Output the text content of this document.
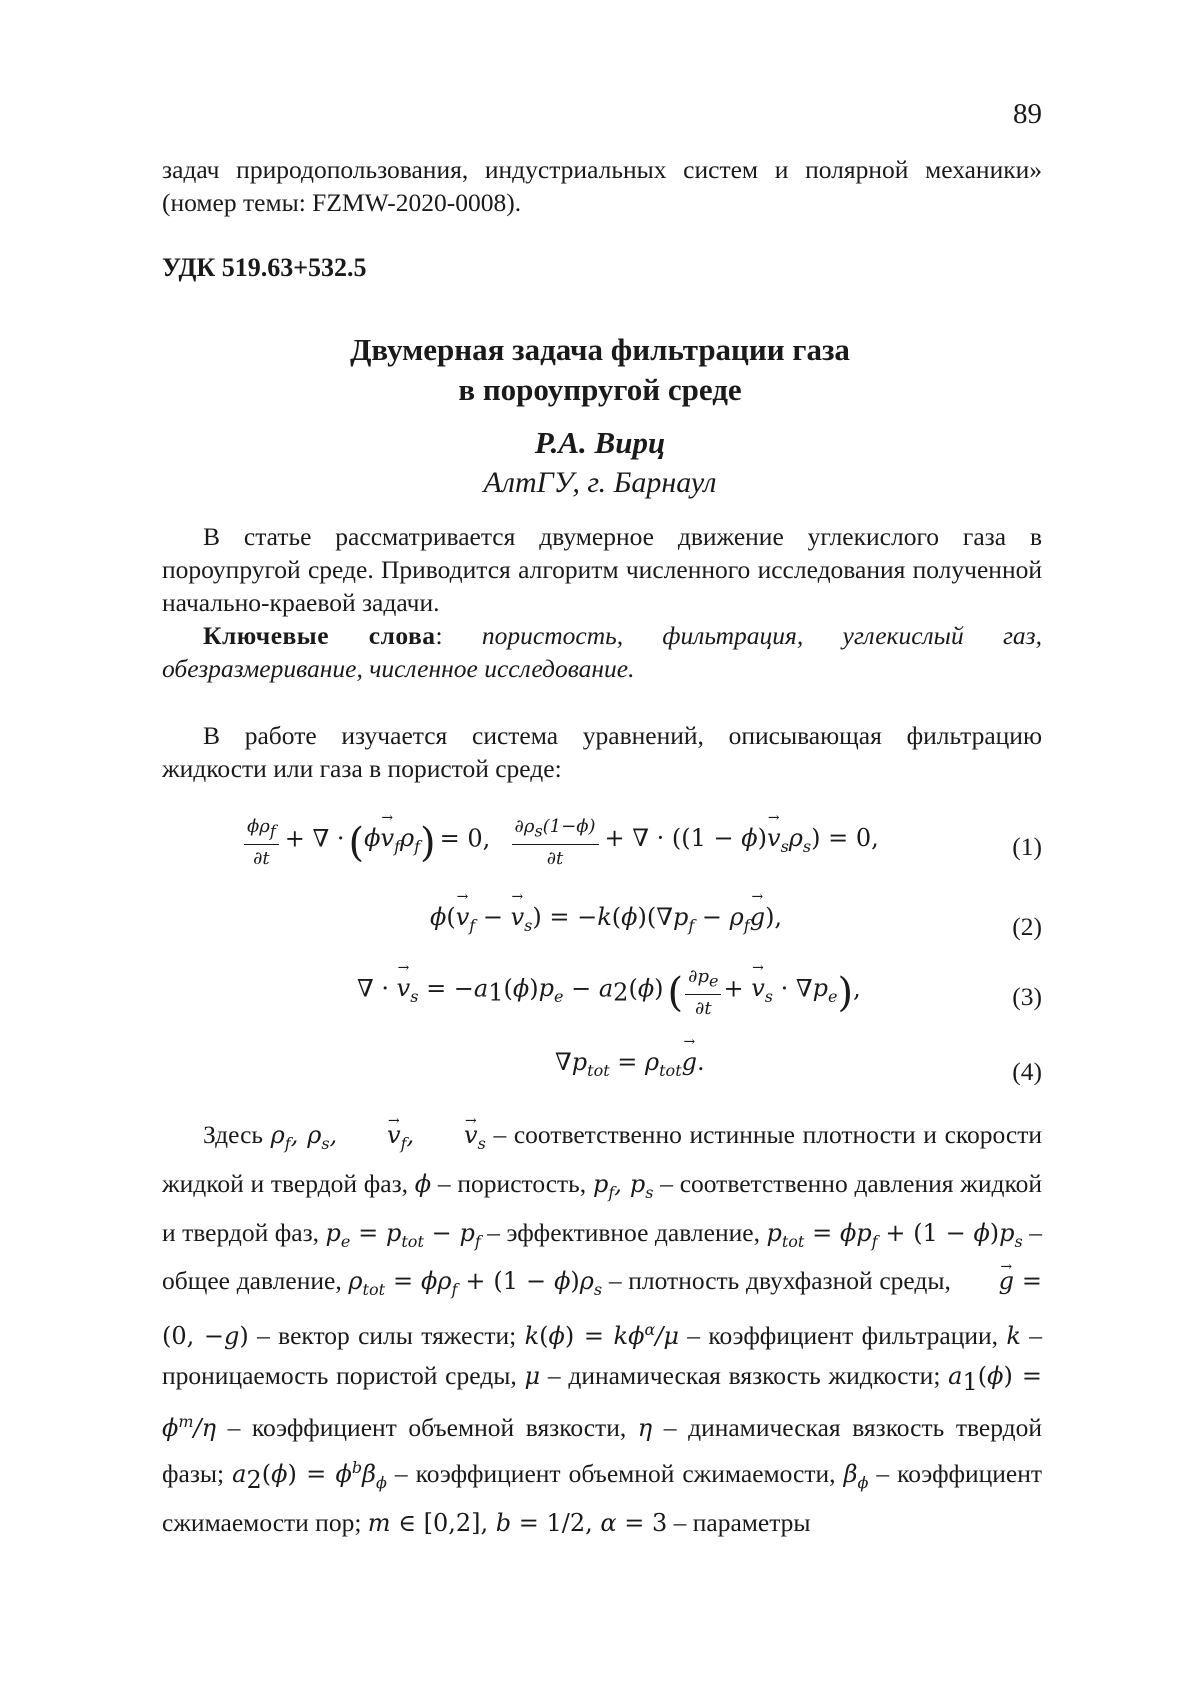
89
задач природопользования, индустриальных систем и полярной механики» (номер темы: FZMW-2020-0008).
УДК 519.63+532.5
Двумерная задача фильтрации газа
в пороупругой среде
Р.А. Вирц
АлтГУ, г. Барнаул
В статье рассматривается двумерное движение углекислого газа в пороупругой среде. Приводится алгоритм численного исследования полученной начально-краевой задачи.
Ключевые слова: пористость, фильтрация, углекислый газ, обезразмеривание, численное исследование.
В работе изучается система уравнений, описывающая фильтрацию жидкости или газа в пористой среде:
$\frac{\phi\rho_f}{\partial t}$ + ∇ · $(\phi\to v_f\rho_f) = 0$, $\frac{\partial\rho_s(1-\phi)}{\partial t}$ + ∇ · $((1 - \phi)\to v_s\rho_s) = 0$,	(1)
$\phi(\to v_f$ − → $v_s) = -k(\phi)(\nabla p_f - \rho_f\to g)$,	(2)
∇ · → $v_s = -a_1(\phi)p_e - a_2(\phi)$ ( $\frac{\partial p_e}{\partial t}$ + → $v_s \cdot \nabla p_e$),	(3)
$\nabla p_{tot} = \rho_{tot}\to g$.	(4)
Здесь $\rho_f$, $\rho_s$, → $v_f$, → $v_s$ – соответственно истинные плотности и скорости жидкой и твердой фаз, ϕ – пористость, $p_f$, $p_s$ – соответственно давления жидкой и твердой фаз, $p_e = p_{tot} - p_f$ – эффективное давление, $p_{tot} = \phi p_f + (1 - \phi)p_s$ – общее давление, $\rho_{tot} = \phi\rho_f + (1 - \phi)\rho_s$ – плотность двухфазной среды, → g = (0, −g) – вектор силы тяжести; $k(\phi) = k\phi^\alpha/\mu$ – коэффициент фильтрации, k – проницаемость пористой среды, μ – динамическая вязкость жидкости; $a_1(\phi) = \phi^m/\eta$ – коэффициент объемной вязкости, η – динамическая вязкость твердой фазы; $a_2(\phi) = \phi^b\beta_\phi$ – коэффициент объемной сжимаемости, $\beta_\phi$ – коэффициент сжимаемости пор; m ∈ [0,2], b = 1/2, α = 3 – параметры
